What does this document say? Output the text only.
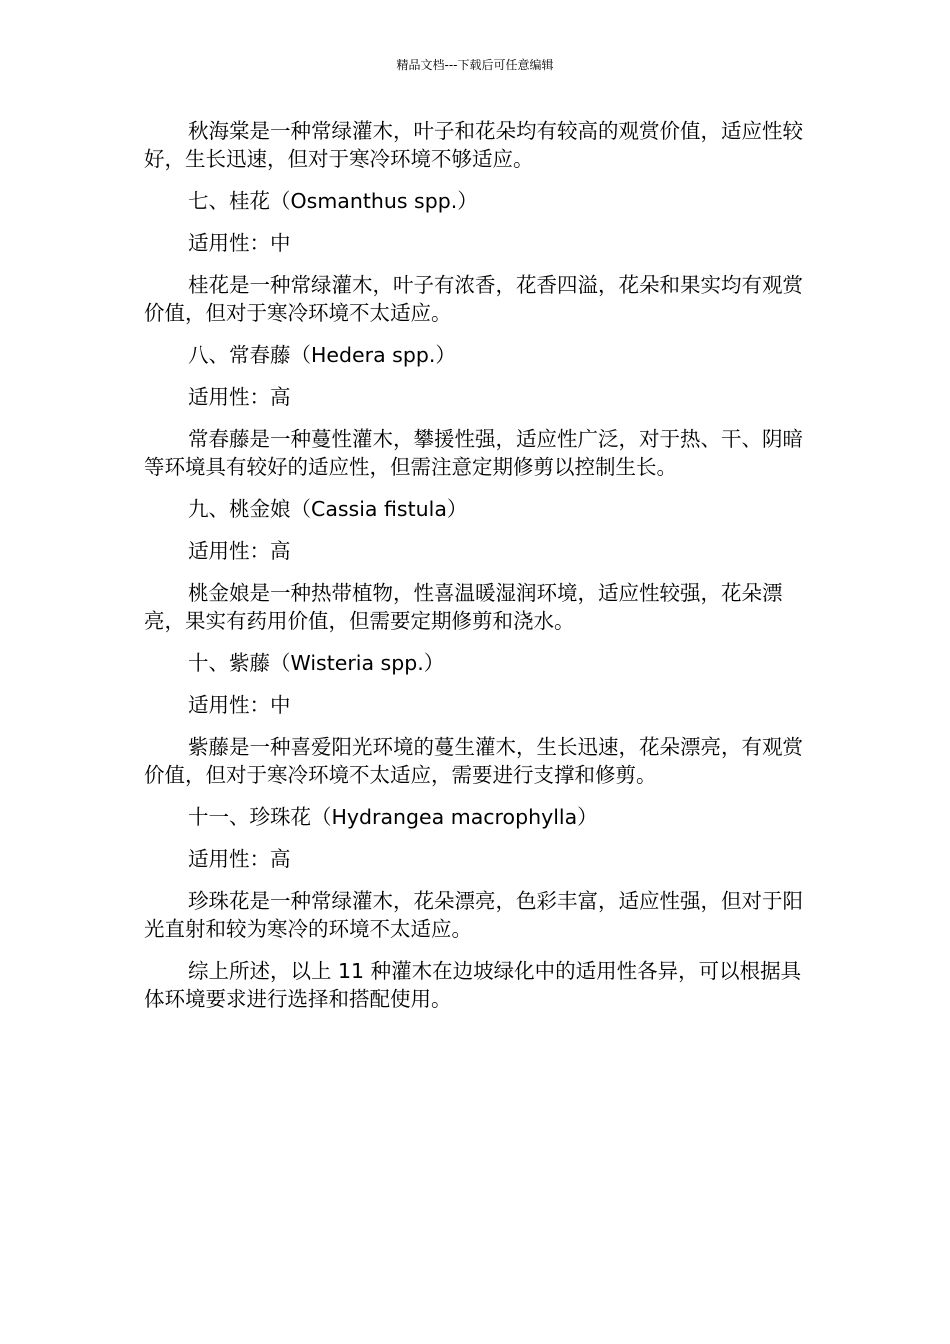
精品文档---下载后可任意编辑

秋海棠是一种常绿灌木，叶子和花朵均有较高的观赏价值，适应性较好，生长迅速，但对于寒冷环境不够适应。

七、桂花（Osmanthus spp.）

适用性：中

桂花是一种常绿灌木，叶子有浓香，花香四溢，花朵和果实均有观赏价值，但对于寒冷环境不太适应。

八、常春藤（Hedera spp.）

适用性：高

常春藤是一种蔓性灌木，攀援性强，适应性广泛，对于热、干、阴暗等环境具有较好的适应性，但需注意定期修剪以控制生长。

九、桃金娘（Cassia fistula）

适用性：高

桃金娘是一种热带植物，性喜温暖湿润环境，适应性较强，花朵漂亮，果实有药用价值，但需要定期修剪和浇水。

十、紫藤（Wisteria spp.）

适用性：中

紫藤是一种喜爱阳光环境的蔓生灌木，生长迅速，花朵漂亮，有观赏价值，但对于寒冷环境不太适应，需要进行支撑和修剪。

十一、珍珠花（Hydrangea macrophylla）

适用性：高

珍珠花是一种常绿灌木，花朵漂亮，色彩丰富，适应性强，但对于阳光直射和较为寒冷的环境不太适应。

综上所述，以上 11 种灌木在边坡绿化中的适用性各异，可以根据具体环境要求进行选择和搭配使用。
